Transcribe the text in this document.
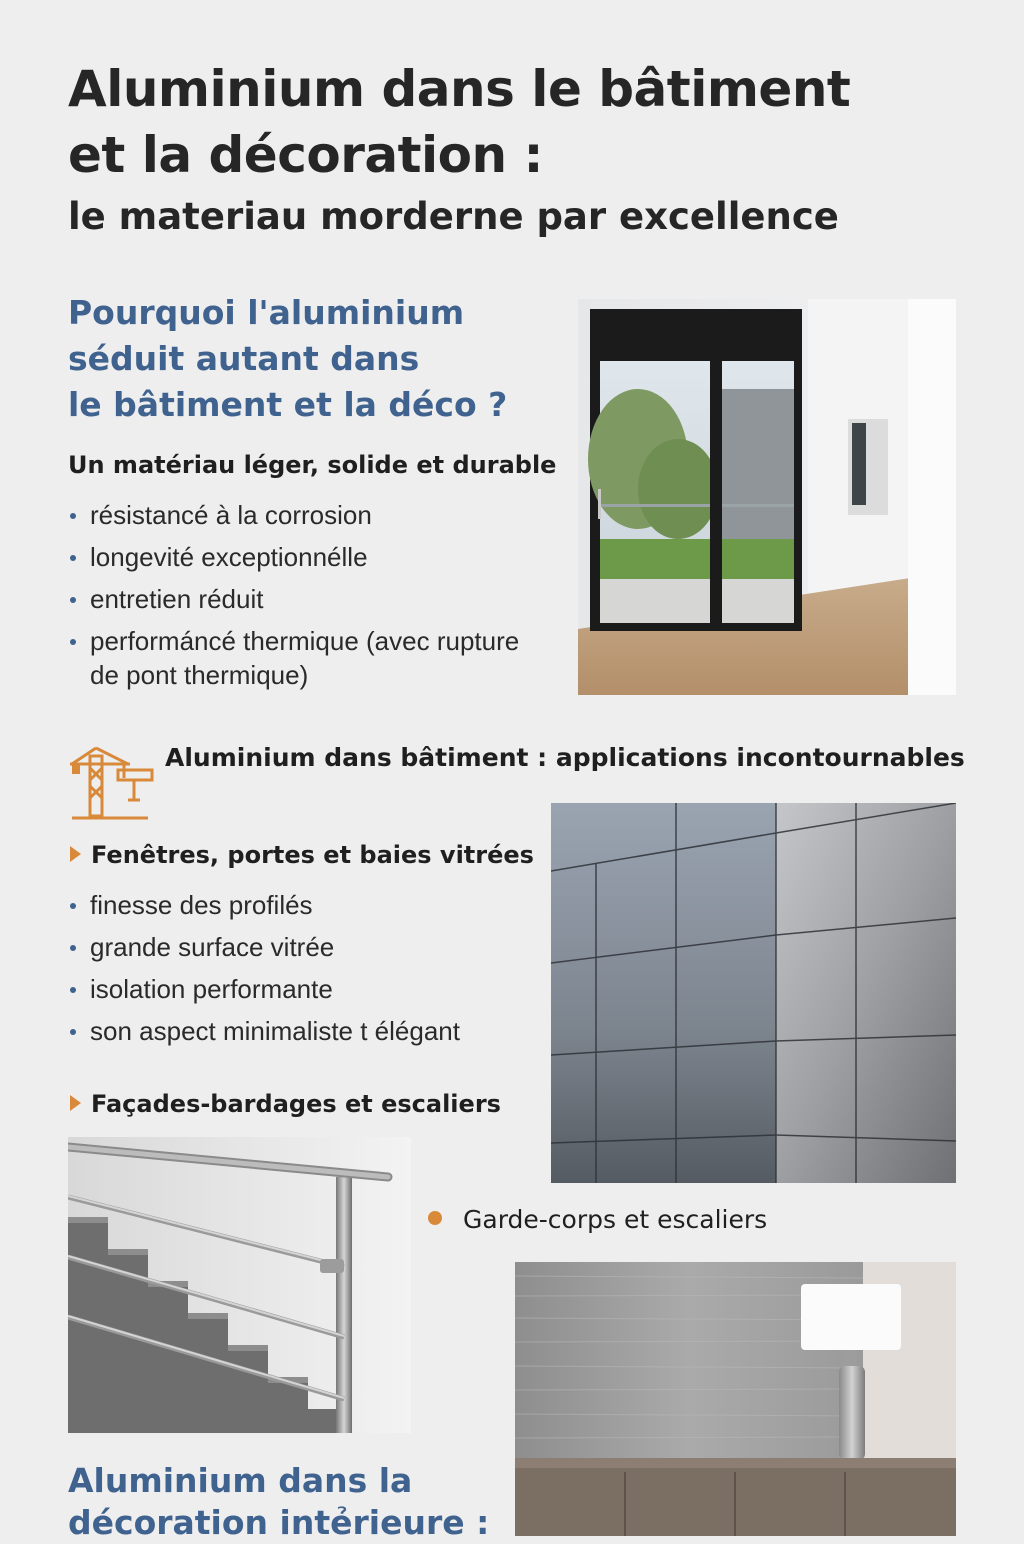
Aluminium dans le bâtiment
et la décoration :
le materiau morderne par excellence
Pourquoi l'aluminium
séduit autant dans
le bâtiment et la déco ?
Un matériau léger, solide et durable
résistancé à la corrosion
longevité exceptionnélle
entretien réduit
performáncé thermique (avec rupture de pont thermique)
Aluminium dans bâtiment : applications incontournables
Fenêtres, portes et baies vitrées
finesse des profilés
grande surface vitrée
isolation performante
son aspect minimaliste t élégant
Façades-bardages et escaliers
Garde-corps et escaliers
Aluminium dans la
décoration intẻrieure :
